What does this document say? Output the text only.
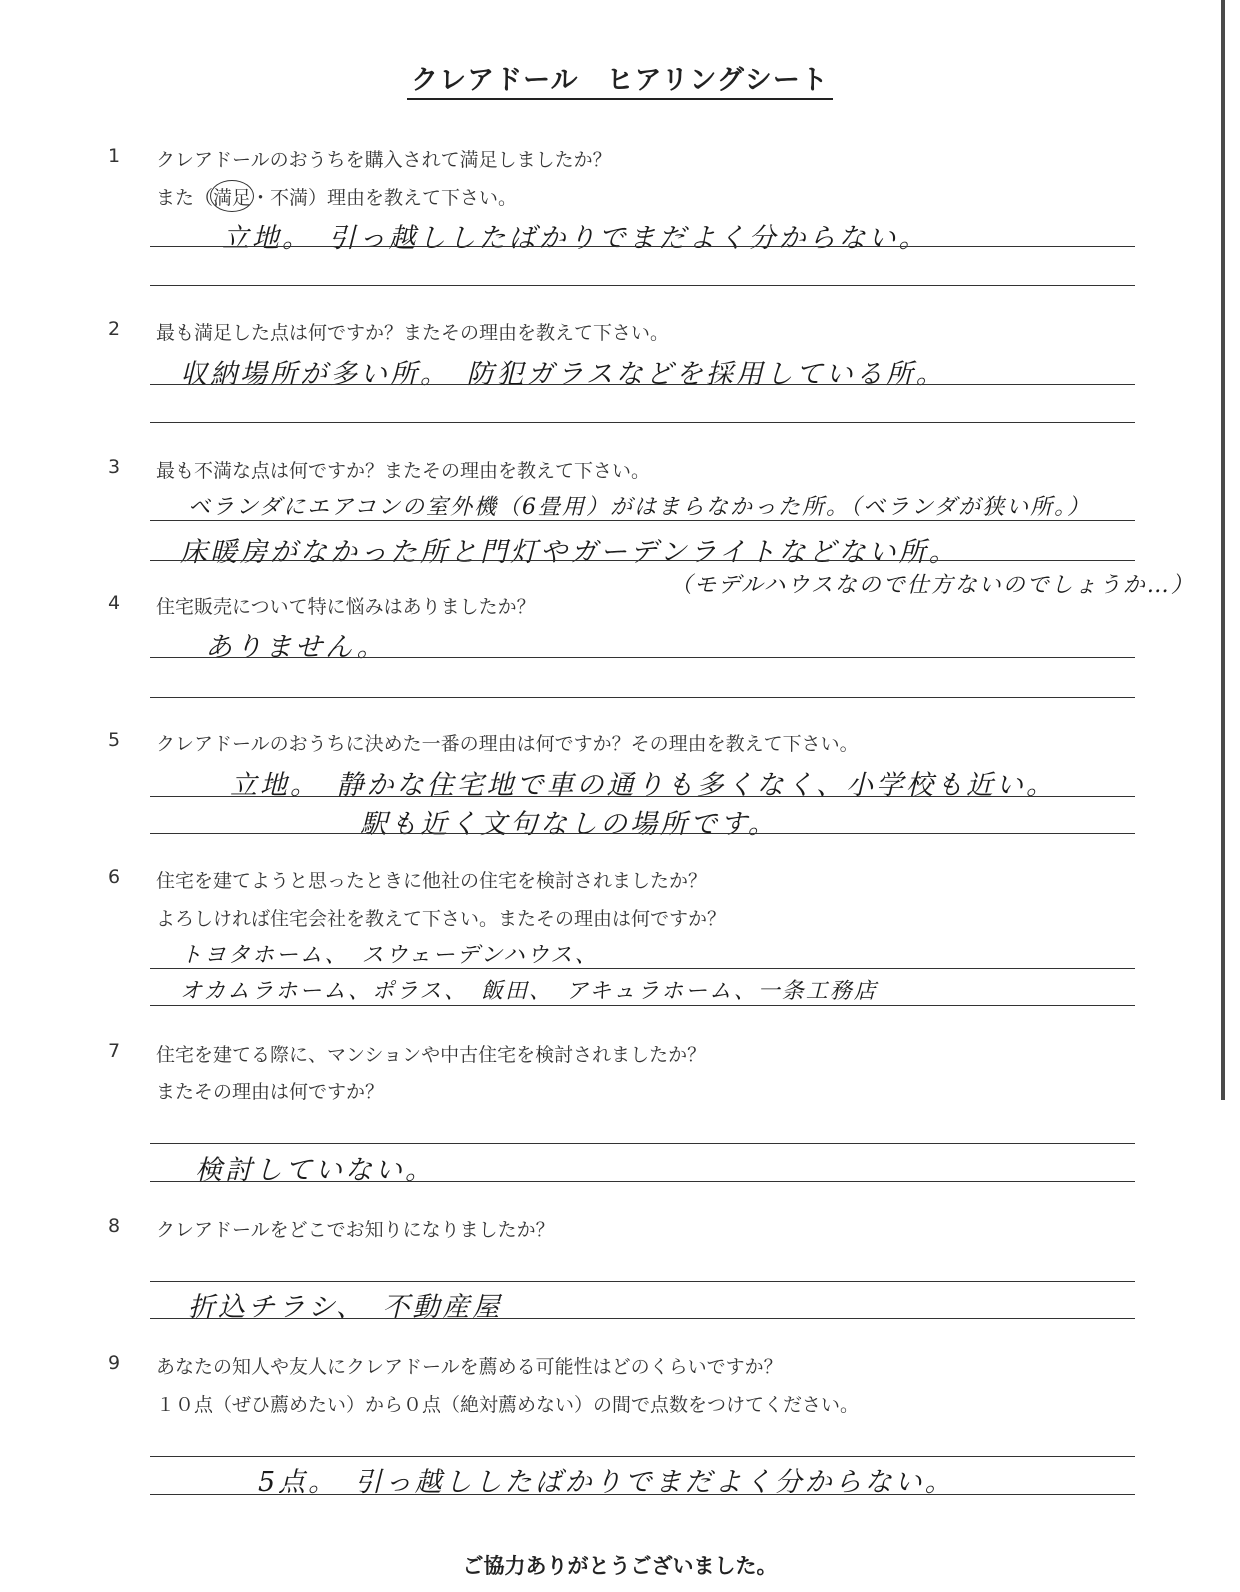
クレアドール　ヒアリングシート
1 クレアドールのおうちを購入されて満足しましたか？
また（満足・不満）理由を教えて下さい。
立地。　引っ越ししたばかりでまだよく分からない。
2 最も満足した点は何ですか？またその理由を教えて下さい。
収納場所が多い所。　防犯ガラスなどを採用している所。
3 最も不満な点は何ですか？またその理由を教えて下さい。
ベランダにエアコンの室外機（6畳用）がはまらなかった所。（ベランダが狭い所。）
床暖房がなかった所と門灯やガーデンライトなどない所。
（モデルハウスなので仕方ないのでしょうか…）
4 住宅販売について特に悩みはありましたか？
ありません。
5 クレアドールのおうちに決めた一番の理由は何ですか？その理由を教えて下さい。
立地。　静かな住宅地で車の通りも多くなく、小学校も近い。
駅も近く文句なしの場所です。
6 住宅を建てようと思ったときに他社の住宅を検討されましたか？
よろしければ住宅会社を教えて下さい。またその理由は何ですか？
トヨタホーム、　スウェーデンハウス、
オカムラホーム、ポラス、　飯田、　アキュラホーム、一条工務店
7 住宅を建てる際に、マンションや中古住宅を検討されましたか？
またその理由は何ですか？
検討していない。
8 クレアドールをどこでお知りになりましたか？
折込チラシ、　不動産屋
9 あなたの知人や友人にクレアドールを薦める可能性はどのくらいですか？
１０点（ぜひ薦めたい）から０点（絶対薦めない）の間で点数をつけてください。
5点。　引っ越ししたばかりでまだよく分からない。
ご協力ありがとうございました。
